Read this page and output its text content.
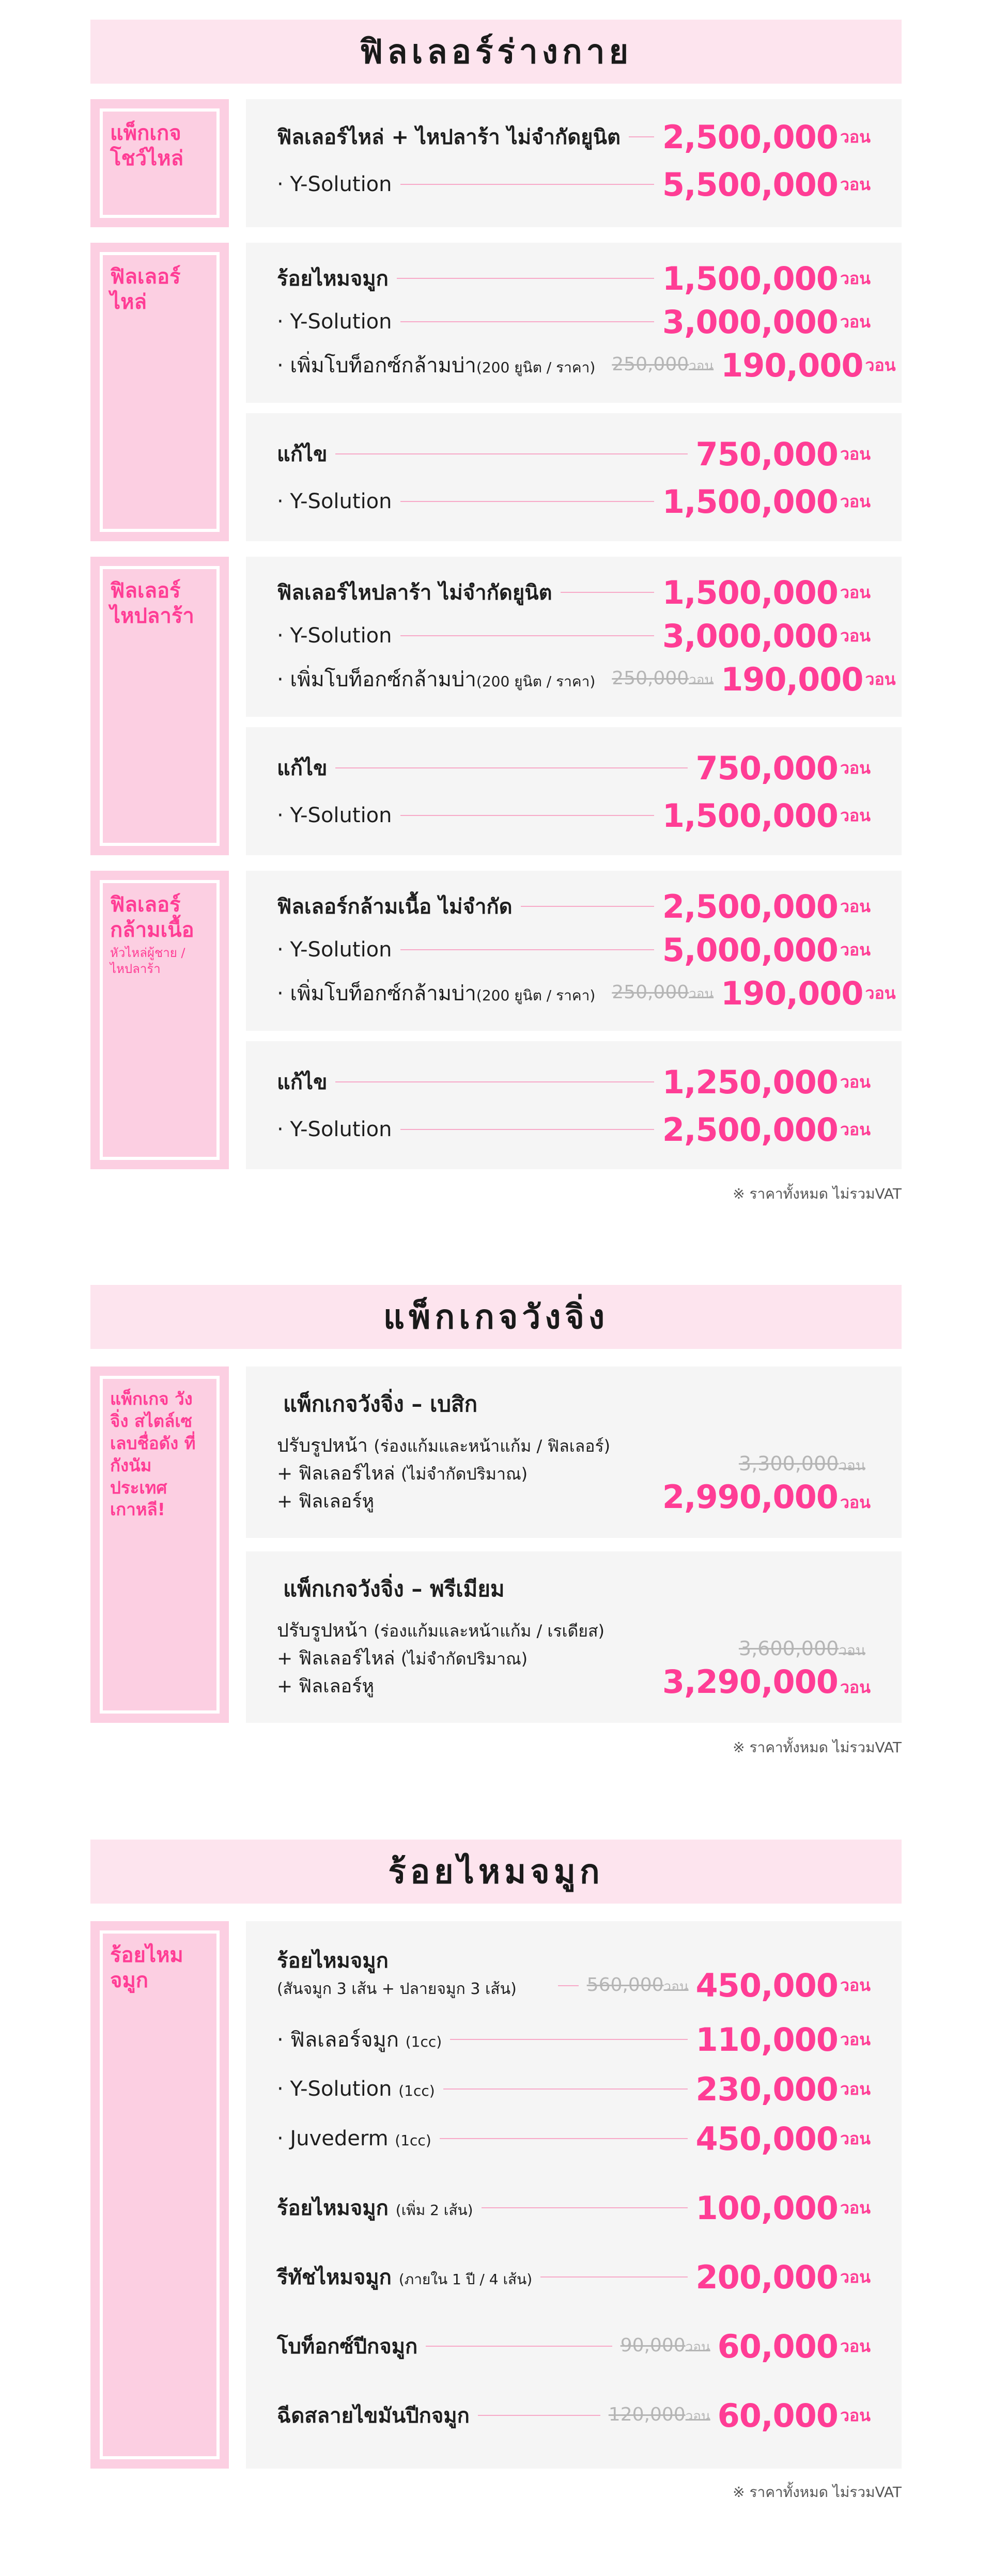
ฟิลเลอร์ร่างกาย
แพ็กเกจโชว์ไหล่
ฟิลเลอร์ไหล่ + ไหปลาร้า ไม่จำกัดยูนิต 2,500,000 วอน
· Y-Solution	5,500,000 วอน
ฟิลเลอร์ไหล่
ร้อยไหมจมูก	1,500,000 วอน
· Y-Solution	3,000,000 วอน
· เพิ่มโบท็อกซ์กล้ามบ่า(200 ยูนิต / ราคา) 250,000วอน 190,000 วอน
แก้ไข	750,000 วอน
· Y-Solution	1,500,000 วอน
ฟิลเลอร์ไหปลาร้า
ฟิลเลอร์ไหปลาร้า ไม่จำกัดยูนิต	1,500,000 วอน
· Y-Solution	3,000,000 วอน
· เพิ่มโบท็อกซ์กล้ามบ่า(200 ยูนิต / ราคา) 250,000วอน 190,000 วอน
แก้ไข	750,000 วอน
· Y-Solution	1,500,000 วอน
ฟิลเลอร์กล้ามเนื้อ
หัวไหล่ผู้ชาย /ไหปลาร้า
ฟิลเลอร์กล้ามเนื้อ ไม่จำกัด	2,500,000 วอน
· Y-Solution	5,000,000 วอน
· เพิ่มโบท็อกซ์กล้ามบ่า(200 ยูนิต / ราคา) 250,000วอน 190,000 วอน
แก้ไข	1,250,000 วอน
· Y-Solution	2,500,000 วอน
※ ราคาทั้งหมด ไม่รวมVAT
แพ็กเกจวังจิ่ง
แพ็กเกจ วังจิ่ง สไตล์เซเลบชื่อดัง ที่กังนัม ประเทศเกาหลี!
แพ็กเกจวังจิ่ง – เบสิก
ปรับรูปหน้า (ร่องแก้มและหน้าแก้ม / ฟิลเลอร์)
+ ฟิลเลอร์ไหล่ (ไม่จำกัดปริมาณ)
+ ฟิลเลอร์หู
3,300,000วอน
2,990,000 วอน
แพ็กเกจวังจิ่ง – พรีเมียม
ปรับรูปหน้า (ร่องแก้มและหน้าแก้ม / เรเดียส)
+ ฟิลเลอร์ไหล่ (ไม่จำกัดปริมาณ)
+ ฟิลเลอร์หู
3,600,000วอน
3,290,000 วอน
※ ราคาทั้งหมด ไม่รวมVAT
ร้อยไหมจมูก
ร้อยไหมจมูก
ร้อยไหมจมูก
(สันจมูก 3 เส้น + ปลายจมูก 3 เส้น)	560,000วอน 450,000 วอน
· ฟิลเลอร์จมูก (1cc)	110,000 วอน
· Y-Solution (1cc)	230,000 วอน
· Juvederm (1cc)	450,000 วอน
ร้อยไหมจมูก (เพิ่ม 2 เส้น)	100,000 วอน
รีทัชไหมจมูก (ภายใน 1 ปี / 4 เส้น)	200,000 วอน
โบท็อกซ์ปีกจมูก	90,000วอน 60,000 วอน
ฉีดสลายไขมันปีกจมูก	120,000วอน 60,000 วอน
※ ราคาทั้งหมด ไม่รวมVAT
